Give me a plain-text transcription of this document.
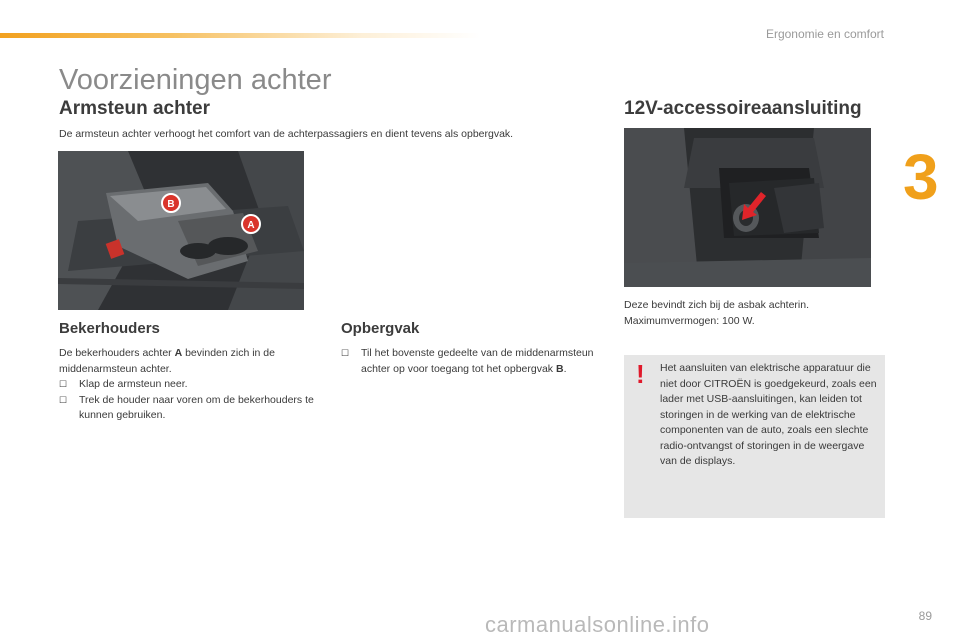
Ergonomie en comfort
3
Voorzieningen achter
Armsteun achter	12V-accessoireaansluiting
De armsteun achter verhoogt het comfort van de achterpassagiers en dient tevens als opbergvak.
B
A
Bekerhouders
De bekerhouders achter A bevinden zich in de middenarmsteun achter.
☐	Klap de armsteun neer.
☐	Trek de houder naar voren om de bekerhouders te kunnen gebruiken.
Opbergvak
☐	Til het bovenste gedeelte van de middenarmsteun achter op voor toegang tot het opbergvak B.
Deze bevindt zich bij de asbak achterin.
Maximumvermogen: 100 W.
! Het aansluiten van elektrische apparatuur die niet door CITROËN is goedgekeurd, zoals een lader met USB-aansluitingen, kan leiden tot storingen in de werking van de elektrische componenten van de auto, zoals een slechte radio-ontvangst of storingen in de weergave van de displays.
89
carmanualsonline.info
